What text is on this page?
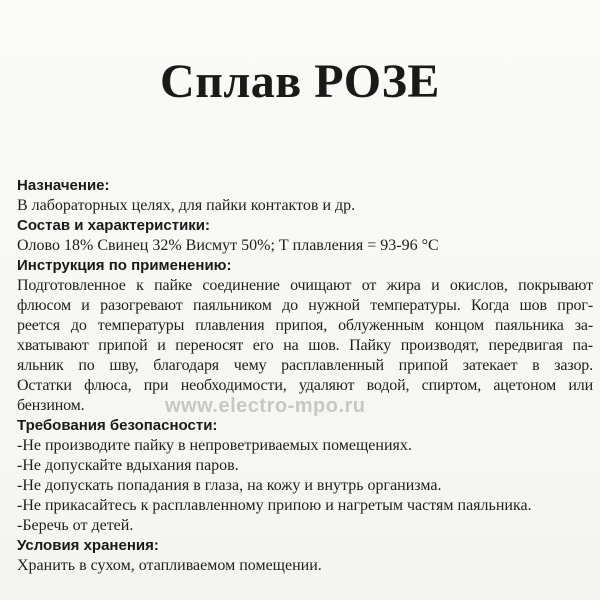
Сплав РОЗЕ
Назначение:
В лабораторных целях, для пайки контактов и др.
Состав и характеристики:
Олово 18% Свинец 32% Висмут 50%; Т плавления = 93-96 °С
Инструкция по применению:
Подготовленное к пайке соединение очищают от жира и окислов, покрывают
флюсом и разогревают паяльником до нужной температуры. Когда шов прог-
реется до температуры плавления припоя, облуженным концом паяльника за-
хватывают припой и переносят его на шов. Пайку производят, передвигая па-
яльник по шву, благодаря чему расплавленный припой затекает в зазор.
Остатки флюса, при необходимости, удаляют водой, спиртом, ацетоном или
бензином.
Требования безопасности:
-Не производите пайку в непроветриваемых помещениях.
-Не допускайте вдыхания паров.
-Не допускать попадания в глаза, на кожу и внутрь организма.
-Не прикасайтесь к расплавленному припою и нагретым частям паяльника.
-Беречь от детей.
Условия хранения:
Хранить в сухом, отапливаемом помещении.
www.electro-mpo.ru
